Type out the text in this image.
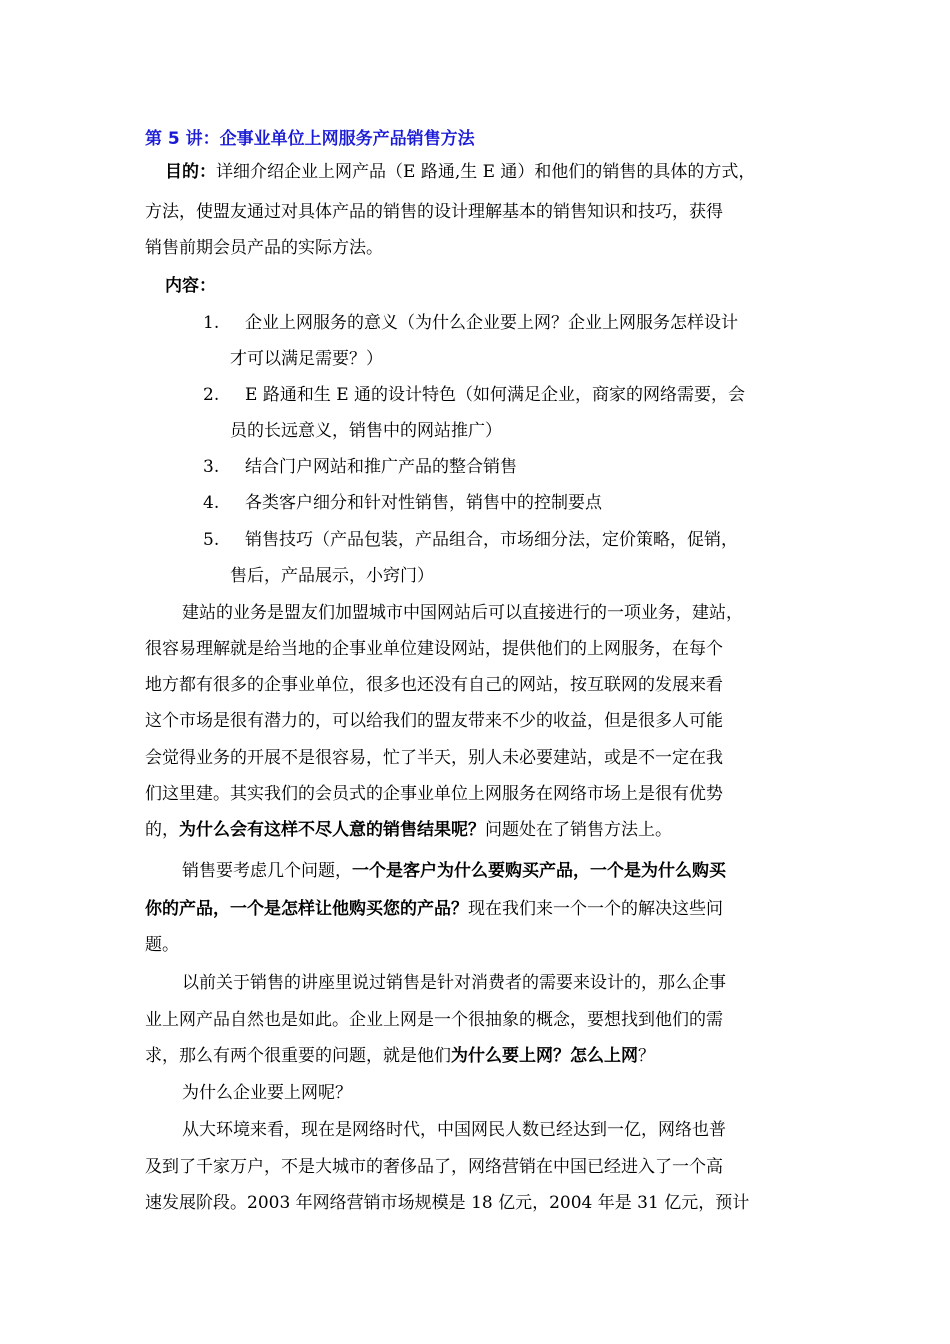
第 5 讲：企事业单位上网服务产品销售方法
目的：详细介绍企业上网产品（E 路通,生 E 通）和他们的销售的具体的方式，
方法，使盟友通过对具体产品的销售的设计理解基本的销售知识和技巧，获得
销售前期会员产品的实际方法。
内容：
1. 企业上网服务的意义（为什么企业要上网？企业上网服务怎样设计
才可以满足需要？）
2. E 路通和生 E 通的设计特色（如何满足企业，商家的网络需要，会
员的长远意义，销售中的网站推广）
3. 结合门户网站和推广产品的整合销售
4. 各类客户细分和针对性销售，销售中的控制要点
5. 销售技巧（产品包装，产品组合，市场细分法，定价策略，促销，
售后，产品展示，小窍门）
建站的业务是盟友们加盟城市中国网站后可以直接进行的一项业务，建站，
很容易理解就是给当地的企事业单位建设网站，提供他们的上网服务，在每个
地方都有很多的企事业单位，很多也还没有自己的网站，按互联网的发展来看
这个市场是很有潜力的，可以给我们的盟友带来不少的收益，但是很多人可能
会觉得业务的开展不是很容易，忙了半天，别人未必要建站，或是不一定在我
们这里建。其实我们的会员式的企事业单位上网服务在网络市场上是很有优势
的，为什么会有这样不尽人意的销售结果呢？问题处在了销售方法上。
销售要考虑几个问题，一个是客户为什么要购买产品，一个是为什么购买
你的产品，一个是怎样让他购买您的产品？现在我们来一个一个的解决这些问
题。
以前关于销售的讲座里说过销售是针对消费者的需要来设计的，那么企事
业上网产品自然也是如此。企业上网是一个很抽象的概念，要想找到他们的需
求，那么有两个很重要的问题，就是他们为什么要上网？怎么上网？
为什么企业要上网呢？
从大环境来看，现在是网络时代，中国网民人数已经达到一亿，网络也普
及到了千家万户，不是大城市的奢侈品了，网络营销在中国已经进入了一个高
速发展阶段。2003 年网络营销市场规模是 18 亿元，2004 年是 31 亿元，预计
